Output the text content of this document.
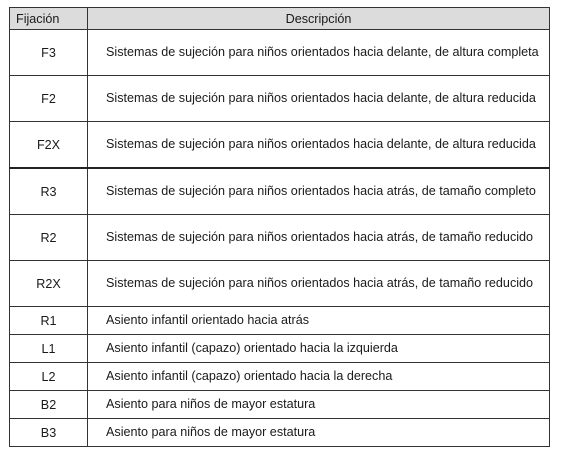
Fijación	Descripción
F3	Sistemas de sujeción para niños orientados hacia delante, de altura completa
F2	Sistemas de sujeción para niños orientados hacia delante, de altura reducida
F2X	Sistemas de sujeción para niños orientados hacia delante, de altura reducida
R3	Sistemas de sujeción para niños orientados hacia atrás, de tamaño completo
R2	Sistemas de sujeción para niños orientados hacia atrás, de tamaño reducido
R2X	Sistemas de sujeción para niños orientados hacia atrás, de tamaño reducido
R1	Asiento infantil orientado hacia atrás
L1	Asiento infantil (capazo) orientado hacia la izquierda
L2	Asiento infantil (capazo) orientado hacia la derecha
B2	Asiento para niños de mayor estatura
B3	Asiento para niños de mayor estatura
